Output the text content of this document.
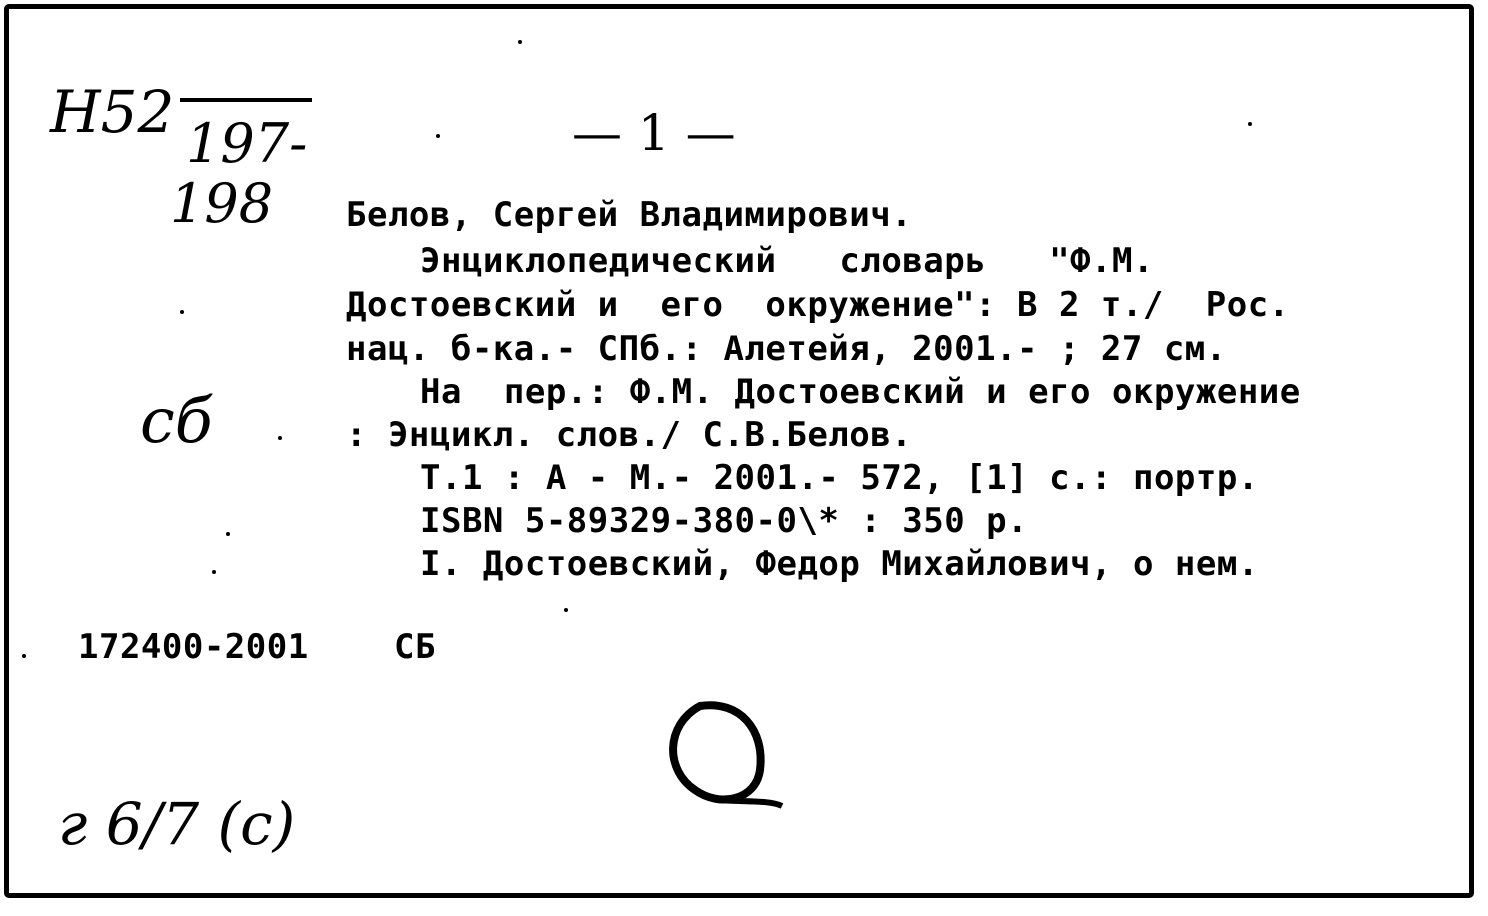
Н52 197-
198
— 1 —
сб
г 6/7 (с)
Белов, Сергей Владимирович.
Энциклопедический   словарь   "Ф.М.
Достоевский и  его  окружение": В 2 т./  Рос.
нац. б-ка.- СПб.: Алетейя, 2001.- ; 27 см.
На  пер.: Ф.М. Достоевский и его окружение
: Энцикл. слов./ С.В.Белов.
Т.1 : А - М.- 2001.- 572, [1] с.: портр.
ISBN 5-89329-380-0\* : 350 р.
I. Достоевский, Федор Михайлович, о нем.
172400-2001	СБ
